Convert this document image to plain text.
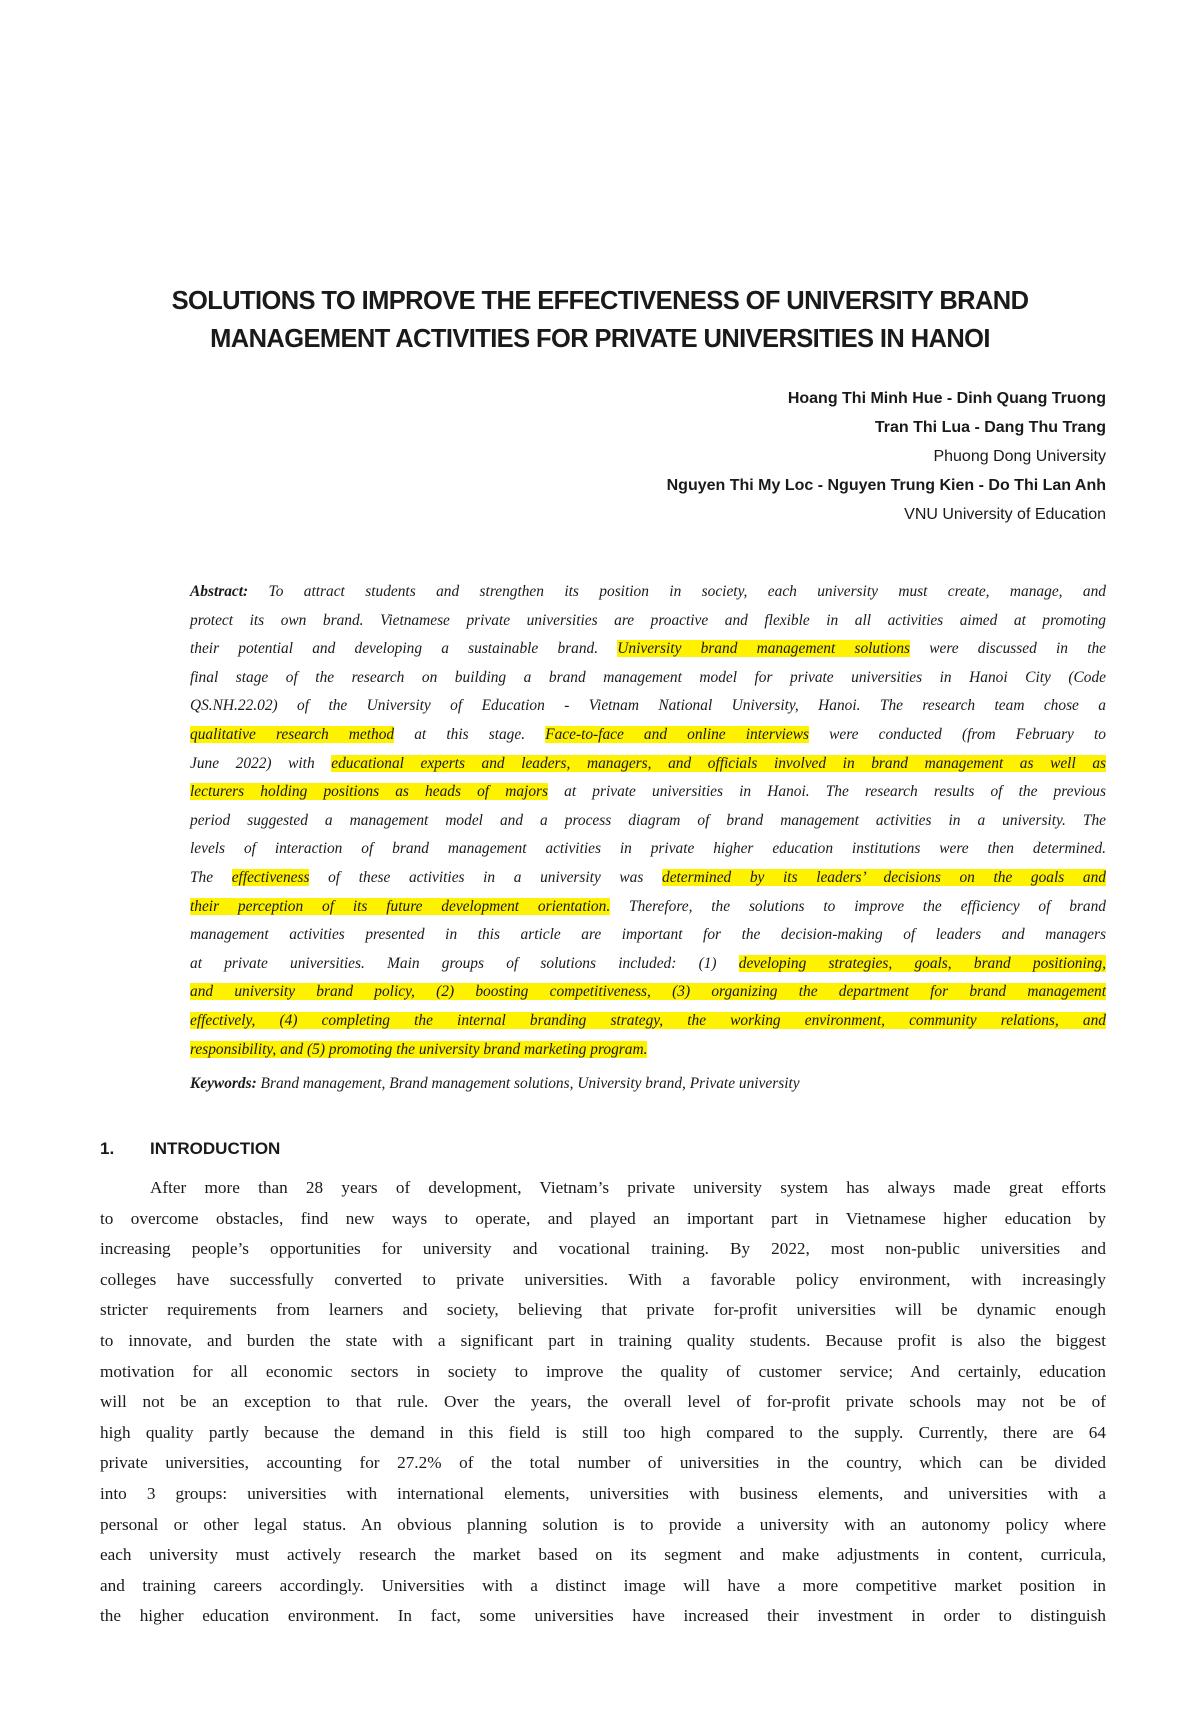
SOLUTIONS TO IMPROVE THE EFFECTIVENESS OF UNIVERSITY BRAND
MANAGEMENT ACTIVITIES FOR PRIVATE UNIVERSITIES IN HANOI
Hoang Thi Minh Hue - Dinh Quang Truong
Tran Thi Lua - Dang Thu Trang
Phuong Dong University
Nguyen Thi My Loc - Nguyen Trung Kien - Do Thi Lan Anh
VNU University of Education
Abstract: To attract students and strengthen its position in society, each university must create, manage, and
protect its own brand. Vietnamese private universities are proactive and flexible in all activities aimed at promoting
their potential and developing a sustainable brand. University brand management solutions were discussed in the
final stage of the research on building a brand management model for private universities in Hanoi City (Code
QS.NH.22.02) of the University of Education - Vietnam National University, Hanoi. The research team chose a
qualitative research method at this stage. Face-to-face and online interviews were conducted (from February to
June 2022) with educational experts and leaders, managers, and officials involved in brand management as well as
lecturers holding positions as heads of majors at private universities in Hanoi. The research results of the previous
period suggested a management model and a process diagram of brand management activities in a university. The
levels of interaction of brand management activities in private higher education institutions were then determined.
The effectiveness of these activities in a university was determined by its leaders’ decisions on the goals and
their perception of its future development orientation. Therefore, the solutions to improve the efficiency of brand
management activities presented in this article are important for the decision-making of leaders and managers
at private universities. Main groups of solutions included: (1) developing strategies, goals, brand positioning,
and university brand policy, (2) boosting competitiveness, (3) organizing the department for brand management
effectively, (4) completing the internal branding strategy, the working environment, community relations, and
responsibility, and (5) promoting the university brand marketing program.
Keywords: Brand management, Brand management solutions, University brand, Private university
1. INTRODUCTION
After more than 28 years of development, Vietnam’s private university system has always made great efforts
to overcome obstacles, find new ways to operate, and played an important part in Vietnamese higher education by
increasing people’s opportunities for university and vocational training. By 2022, most non-public universities and
colleges have successfully converted to private universities. With a favorable policy environment, with increasingly
stricter requirements from learners and society, believing that private for-profit universities will be dynamic enough
to innovate, and burden the state with a significant part in training quality students. Because profit is also the biggest
motivation for all economic sectors in society to improve the quality of customer service; And certainly, education
will not be an exception to that rule. Over the years, the overall level of for-profit private schools may not be of
high quality partly because the demand in this field is still too high compared to the supply. Currently, there are 64
private universities, accounting for 27.2% of the total number of universities in the country, which can be divided
into 3 groups: universities with international elements, universities with business elements, and universities with a
personal or other legal status. An obvious planning solution is to provide a university with an autonomy policy where
each university must actively research the market based on its segment and make adjustments in content, curricula,
and training careers accordingly. Universities with a distinct image will have a more competitive market position in
the higher education environment. In fact, some universities have increased their investment in order to distinguish
